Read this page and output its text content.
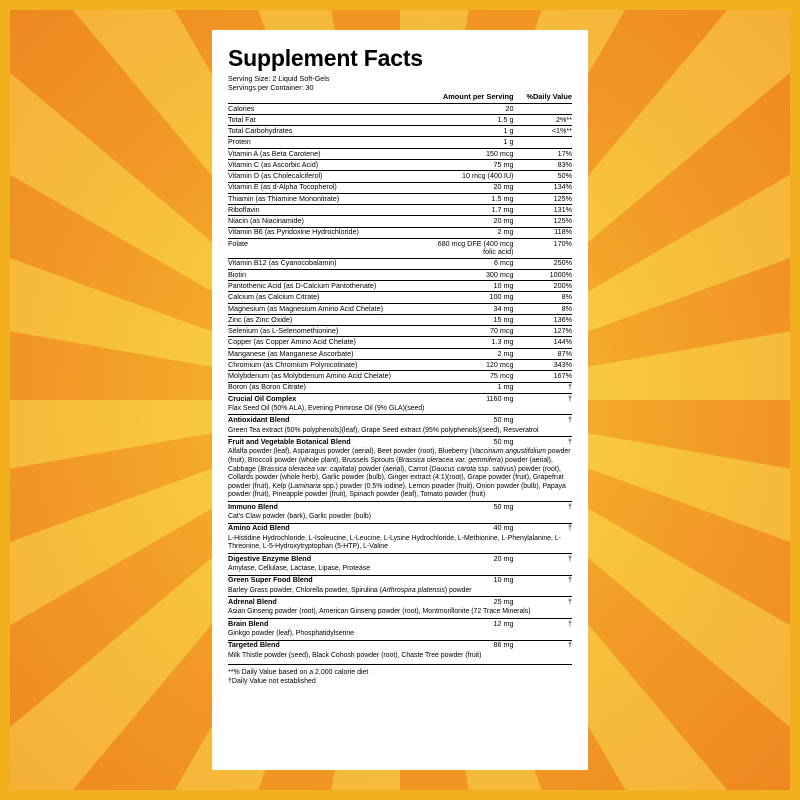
Supplement Facts
Serving Size: 2 Liquid Soft-Gels
Servings per Container: 30
	Amount per Serving	%Daily Value
Calories	20	
Total Fat	1.5 g	2%**
Total Carbohydrates	1 g	<1%**
Protein	1 g	
Vitamin A (as Beta Carotene)	150 mcg	17%
Vitamin C (as Ascorbic Acid)	75 mg	83%
Vitamin D (as Cholecalciferol)	10 mcg (400 IU)	50%
Vitamin E (as d-Alpha Tocopherol)	20 mg	134%
Thiamin (as Thiamine Mononitrate)	1.5 mg	125%
Riboflavin	1.7 mg	131%
Niacin (as Niacinamide)	20 mg	125%
Vitamin B6 (as Pyridoxine Hydrochloride)	2 mg	118%
Folate	680 mcg DFE (400 mcg folic acid)	170%
Vitamin B12 (as Cyanocobalamin)	6 mcg	250%
Biotin	300 mcg	1000%
Pantothenic Acid (as D-Calcium Pantothenate)	10 mg	200%
Calcium (as Calcium Citrate)	100 mg	8%
Magnesium (as Magnesium Amino Acid Chelate)	34 mg	8%
Zinc (as Zinc Oxide)	15 mg	136%
Selenium (as L-Selenomethionine)	70 mcg	127%
Copper (as Copper Amino Acid Chelate)	1.3 mg	144%
Manganese (as Manganese Ascorbate)	2 mg	87%
Chromium (as Chromium Polynicotinate)	120 mcg	343%
Molybdenum (as Molybdenum Amino Acid Chelate)	75 mcg	167%
Boron (as Boron Citrate)	1 mg	†
Crucial Oil Complex	1160 mg	†
Flax Seed Oil (50% ALA), Evening Primrose Oil (9% GLA)(seed)		
Antioxidant Blend	50 mg	†
Green Tea extract (50% polyphenols)(leaf), Grape Seed extract (95% polyphenols)(seed), Resveratrol		
Fruit and Vegetable Botanical Blend	50 mg	†
Alfalfa powder (leaf), Asparagus powder (aerial), Beet powder (root), Blueberry (Vaccinium angustifolium powder (fruit), Broccoli powder (whole plant), Brussels Sprouts (Brassica oleracea var. gemmifera) powder (aerial), Cabbage (Brassica oleracea var. capitata) powder (aerial), Carrot (Daucus carota ssp. sativus) powder (root), Collards powder (whole herb), Garlic powder (bulb), Ginger extract (4:1)(root), Grape powder (fruit), Grapefruit powder (fruit), Kelp (Laminaria spp.) powder (0.5% iodine), Lemon powder (fruit), Onion powder (bulb), Papaya powder (fruit), Pineapple powder (fruit), Spinach powder (leaf), Tomato powder (fruit)		
Immuno Blend	50 mg	†
Cat's Claw powder (bark), Garlic powder (bulb)		
Amino Acid Blend	40 mg	†
L-Histidine Hydrochloride, L-Isoleucine, L-Leucine, L-Lysine Hydrochloride, L-Methionine, L-Phenylalanine, L-Threonine, L-5-Hydroxytryptophan (5-HTP), L-Valine		
Digestive Enzyme Blend	20 mg	†
Amylase, Cellulase, Lactase, Lipase, Protease		
Green Super Food Blend	10 mg	†
Barley Grass powder, Chlorella powder, Spirulina (Arthrospira platensis) powder		
Adrenal Blend	25 mg	†
Asian Ginseng powder (root), American Ginseng powder (root), Montmorillonite (72 Trace Minerals)		
Brain Blend	12 mg	†
Ginkgo powder (leaf), Phosphatidylserine		
Targeted Blend	86 mg	†
Milk Thistle powder (seed), Black Cohosh powder (root), Chaste Tree powder (fruit)		
**% Daily Value based on a 2,000 calorie diet
†Daily Value not established
